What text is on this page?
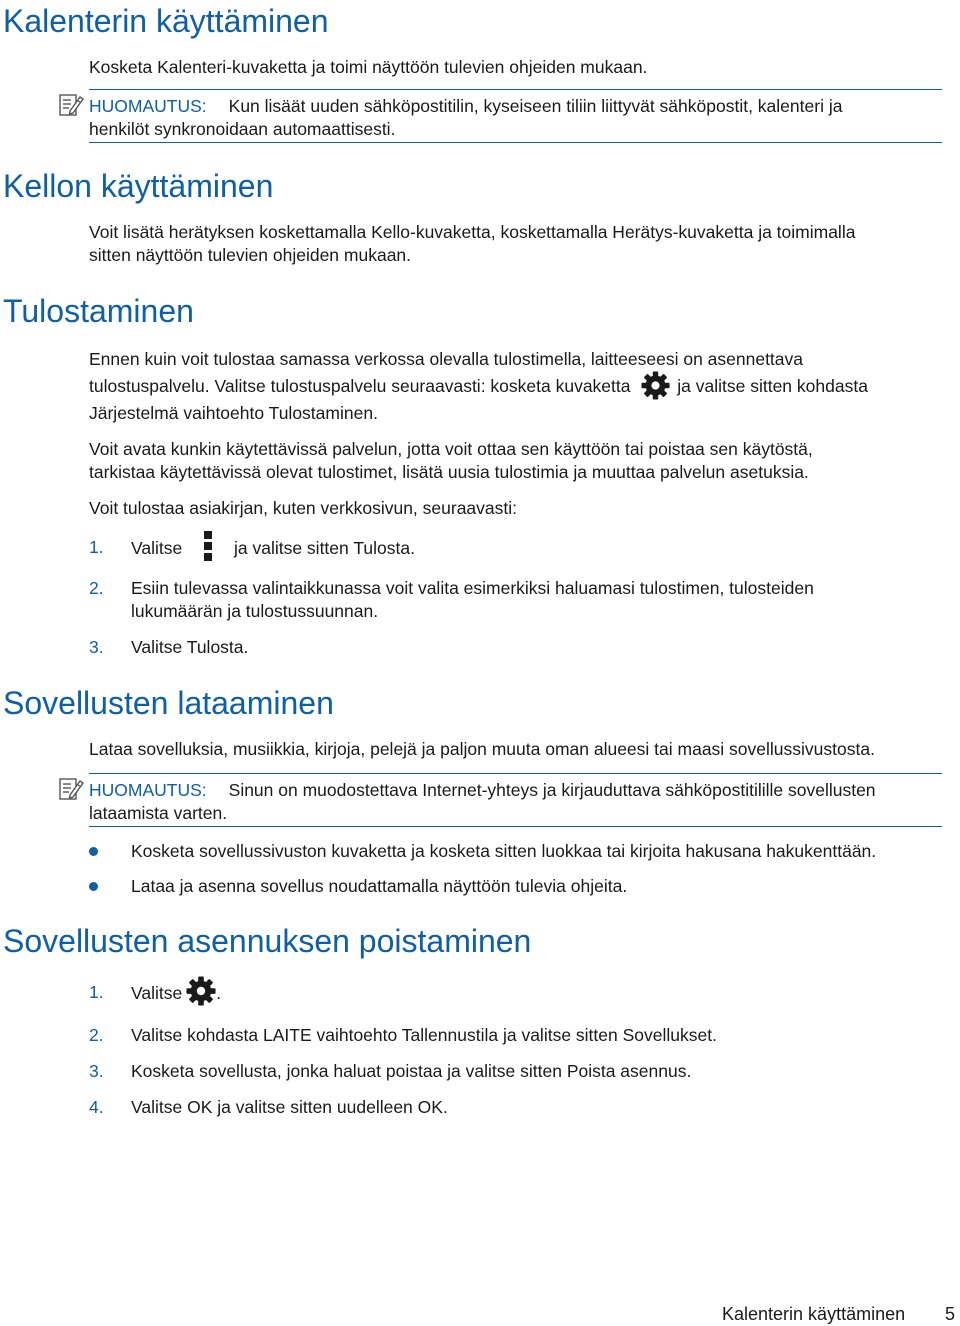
Kalenterin käyttäminen
Kosketa Kalenteri-kuvaketta ja toimi näyttöön tulevien ohjeiden mukaan.
HUOMAUTUS: Kun lisäät uuden sähköpostitilin, kyseiseen tiliin liittyvät sähköpostit, kalenteri ja
henkilöt synkronoidaan automaattisesti.
Kellon käyttäminen
Voit lisätä herätyksen koskettamalla Kello-kuvaketta, koskettamalla Herätys-kuvaketta ja toimimalla
sitten näyttöön tulevien ohjeiden mukaan.
Tulostaminen
Ennen kuin voit tulostaa samassa verkossa olevalla tulostimella, laitteeseesi on asennettava
tulostuspalvelu. Valitse tulostuspalvelu seuraavasti: kosketa kuvaketta	ja valitse sitten kohdasta
Järjestelmä vaihtoehto Tulostaminen.
Voit avata kunkin käytettävissä palvelun, jotta voit ottaa sen käyttöön tai poistaa sen käytöstä,
tarkistaa käytettävissä olevat tulostimet, lisätä uusia tulostimia ja muuttaa palvelun asetuksia.
Voit tulostaa asiakirjan, kuten verkkosivun, seuraavasti:
1. Valitse	ja valitse sitten Tulosta.
2. Esiin tulevassa valintaikkunassa voit valita esimerkiksi haluamasi tulostimen, tulosteiden
lukumäärän ja tulostussuunnan.
3. Valitse Tulosta.
Sovellusten lataaminen
Lataa sovelluksia, musiikkia, kirjoja, pelejä ja paljon muuta oman alueesi tai maasi sovellussivustosta.
HUOMAUTUS: Sinun on muodostettava Internet-yhteys ja kirjauduttava sähköpostitilille sovellusten
lataamista varten.
Kosketa sovellussivuston kuvaketta ja kosketa sitten luokkaa tai kirjoita hakusana hakukenttään.
Lataa ja asenna sovellus noudattamalla näyttöön tulevia ohjeita.
Sovellusten asennuksen poistaminen
1. Valitse .
2. Valitse kohdasta LAITE vaihtoehto Tallennustila ja valitse sitten Sovellukset.
3. Kosketa sovellusta, jonka haluat poistaa ja valitse sitten Poista asennus.
4. Valitse OK ja valitse sitten uudelleen OK.
Kalenterin käyttäminen 5
